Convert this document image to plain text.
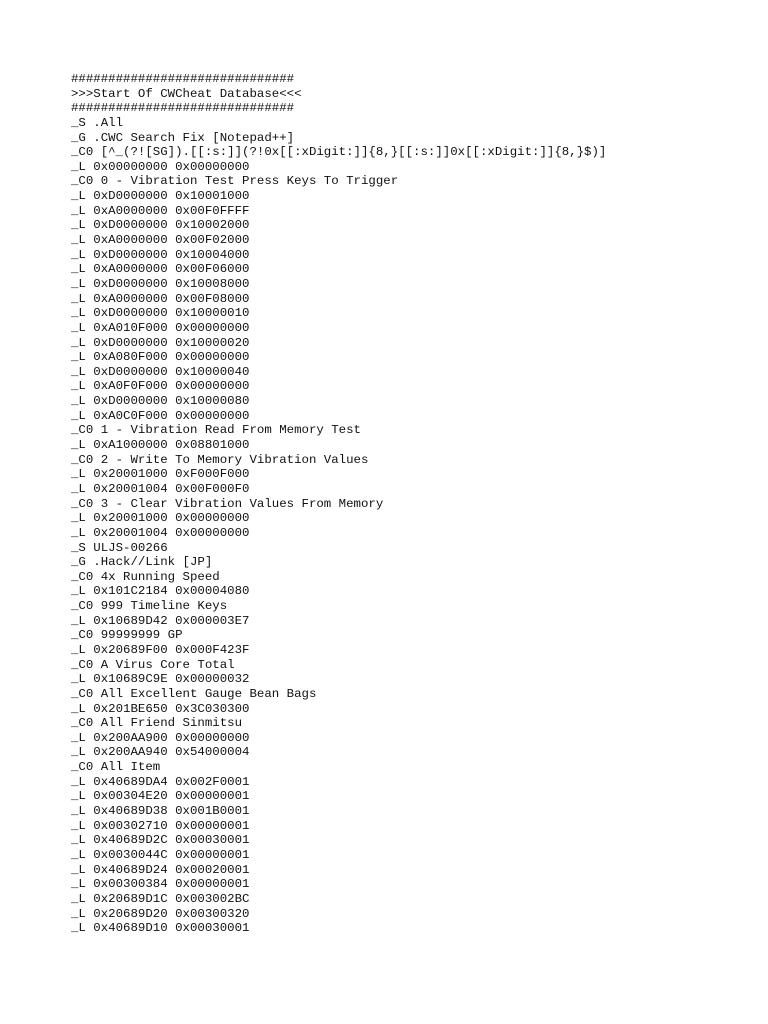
##############################
>>>Start Of CWCheat Database<<<
##############################
_S .All
_G .CWC Search Fix [Notepad++]
_C0 [^_(?![SG]).[[:s:]](?!0x[[:xDigit:]]{8,}[[:s:]]0x[[:xDigit:]]{8,}$)]
_L 0x00000000 0x00000000
_C0 0 - Vibration Test Press Keys To Trigger
_L 0xD0000000 0x10001000
_L 0xA0000000 0x00F0FFFF
_L 0xD0000000 0x10002000
_L 0xA0000000 0x00F02000
_L 0xD0000000 0x10004000
_L 0xA0000000 0x00F06000
_L 0xD0000000 0x10008000
_L 0xA0000000 0x00F08000
_L 0xD0000000 0x10000010
_L 0xA010F000 0x00000000
_L 0xD0000000 0x10000020
_L 0xA080F000 0x00000000
_L 0xD0000000 0x10000040
_L 0xA0F0F000 0x00000000
_L 0xD0000000 0x10000080
_L 0xA0C0F000 0x00000000
_C0 1 - Vibration Read From Memory Test
_L 0xA1000000 0x08801000
_C0 2 - Write To Memory Vibration Values
_L 0x20001000 0xF000F000
_L 0x20001004 0x00F000F0
_C0 3 - Clear Vibration Values From Memory
_L 0x20001000 0x00000000
_L 0x20001004 0x00000000
_S ULJS-00266
_G .Hack//Link [JP]
_C0 4x Running Speed
_L 0x101C2184 0x00004080
_C0 999 Timeline Keys
_L 0x10689D42 0x000003E7
_C0 99999999 GP
_L 0x20689F00 0x000F423F
_C0 A Virus Core Total
_L 0x10689C9E 0x00000032
_C0 All Excellent Gauge Bean Bags
_L 0x201BE650 0x3C030300
_C0 All Friend Sinmitsu
_L 0x200AA900 0x00000000
_L 0x200AA940 0x54000004
_C0 All Item
_L 0x40689DA4 0x002F0001
_L 0x00304E20 0x00000001
_L 0x40689D38 0x001B0001
_L 0x00302710 0x00000001
_L 0x40689D2C 0x00030001
_L 0x0030044C 0x00000001
_L 0x40689D24 0x00020001
_L 0x00300384 0x00000001
_L 0x20689D1C 0x003002BC
_L 0x20689D20 0x00300320
_L 0x40689D10 0x00030001
